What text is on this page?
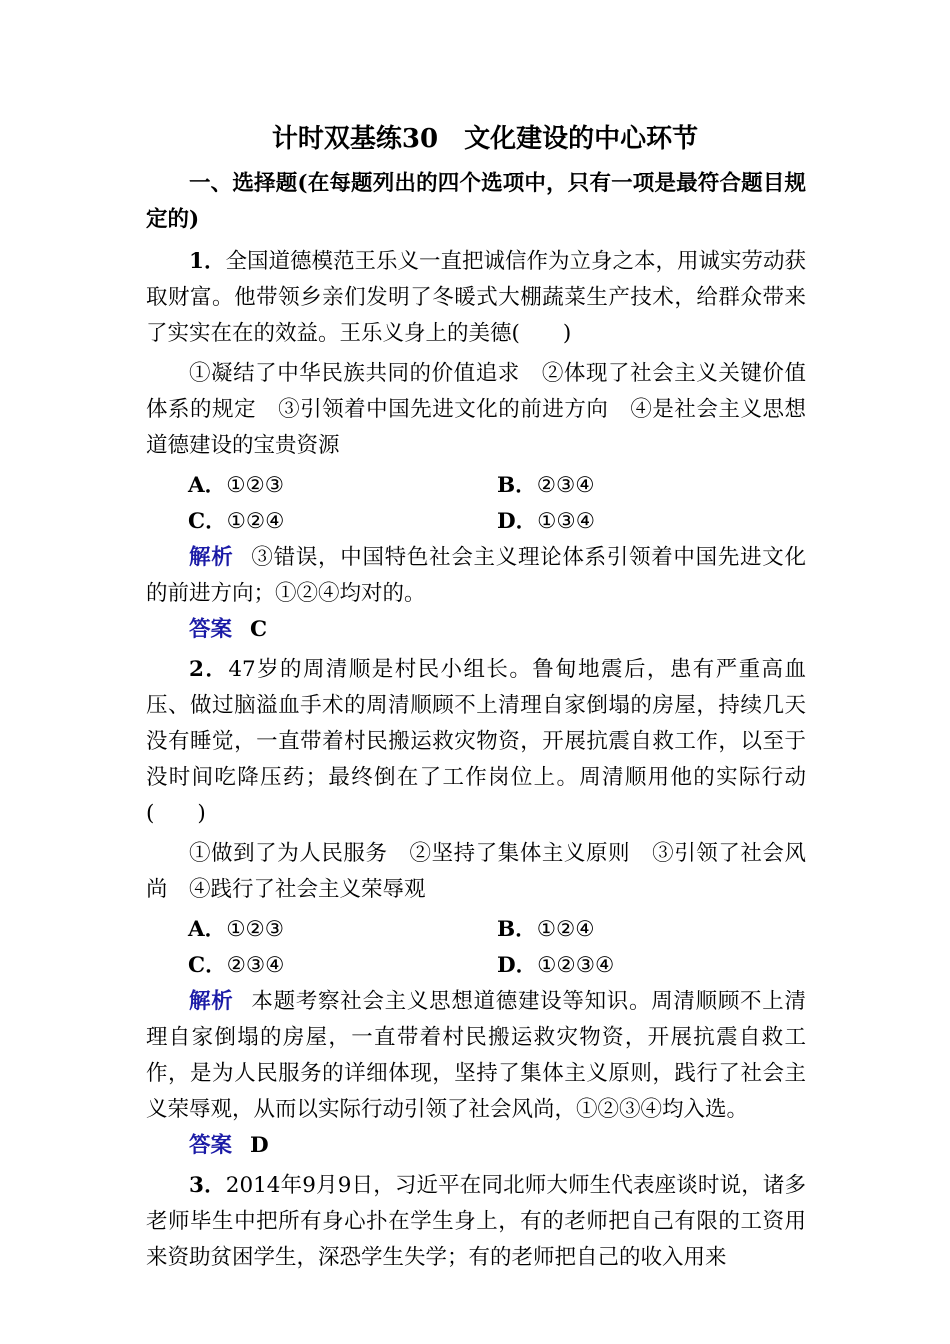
计时双基练30　文化建设的中心环节
一、选择题(在每题列出的四个选项中，只有一项是最符合题目规定的)

1．全国道德模范王乐义一直把诚信作为立身之本，用诚实劳动获取财富。他带领乡亲们发明了冬暖式大棚蔬菜生产技术，给群众带来了实实在在的效益。王乐义身上的美德(　　)

①凝结了中华民族共同的价值追求　②体现了社会主义关键价值体系的规定　③引领着中国先进文化的前进方向　④是社会主义思想道德建设的宝贵资源

A．①②③	B．②③④
C．①②④	D．①③④

解析 ③错误，中国特色社会主义理论体系引领着中国先进文化的前进方向；①②④均对的。

答案 C

2．47岁的周清顺是村民小组长。鲁甸地震后，患有严重高血压、做过脑溢血手术的周清顺顾不上清理自家倒塌的房屋，持续几天没有睡觉，一直带着村民搬运救灾物资，开展抗震自救工作，以至于没时间吃降压药；最终倒在了工作岗位上。周清顺用他的实际行动(　　)

①做到了为人民服务　②坚持了集体主义原则　③引领了社会风尚　④践行了社会主义荣辱观

A．①②③	B．①②④
C．②③④	D．①②③④

解析 本题考察社会主义思想道德建设等知识。周清顺顾不上清理自家倒塌的房屋，一直带着村民搬运救灾物资，开展抗震自救工作，是为人民服务的详细体现，坚持了集体主义原则，践行了社会主义荣辱观，从而以实际行动引领了社会风尚，①②③④均入选。

答案 D

3．2014年9月9日，习近平在同北师大师生代表座谈时说，诸多老师毕生中把所有身心扑在学生身上，有的老师把自己有限的工资用来资助贫困学生，深恐学生失学；有的老师把自己的收入用来
